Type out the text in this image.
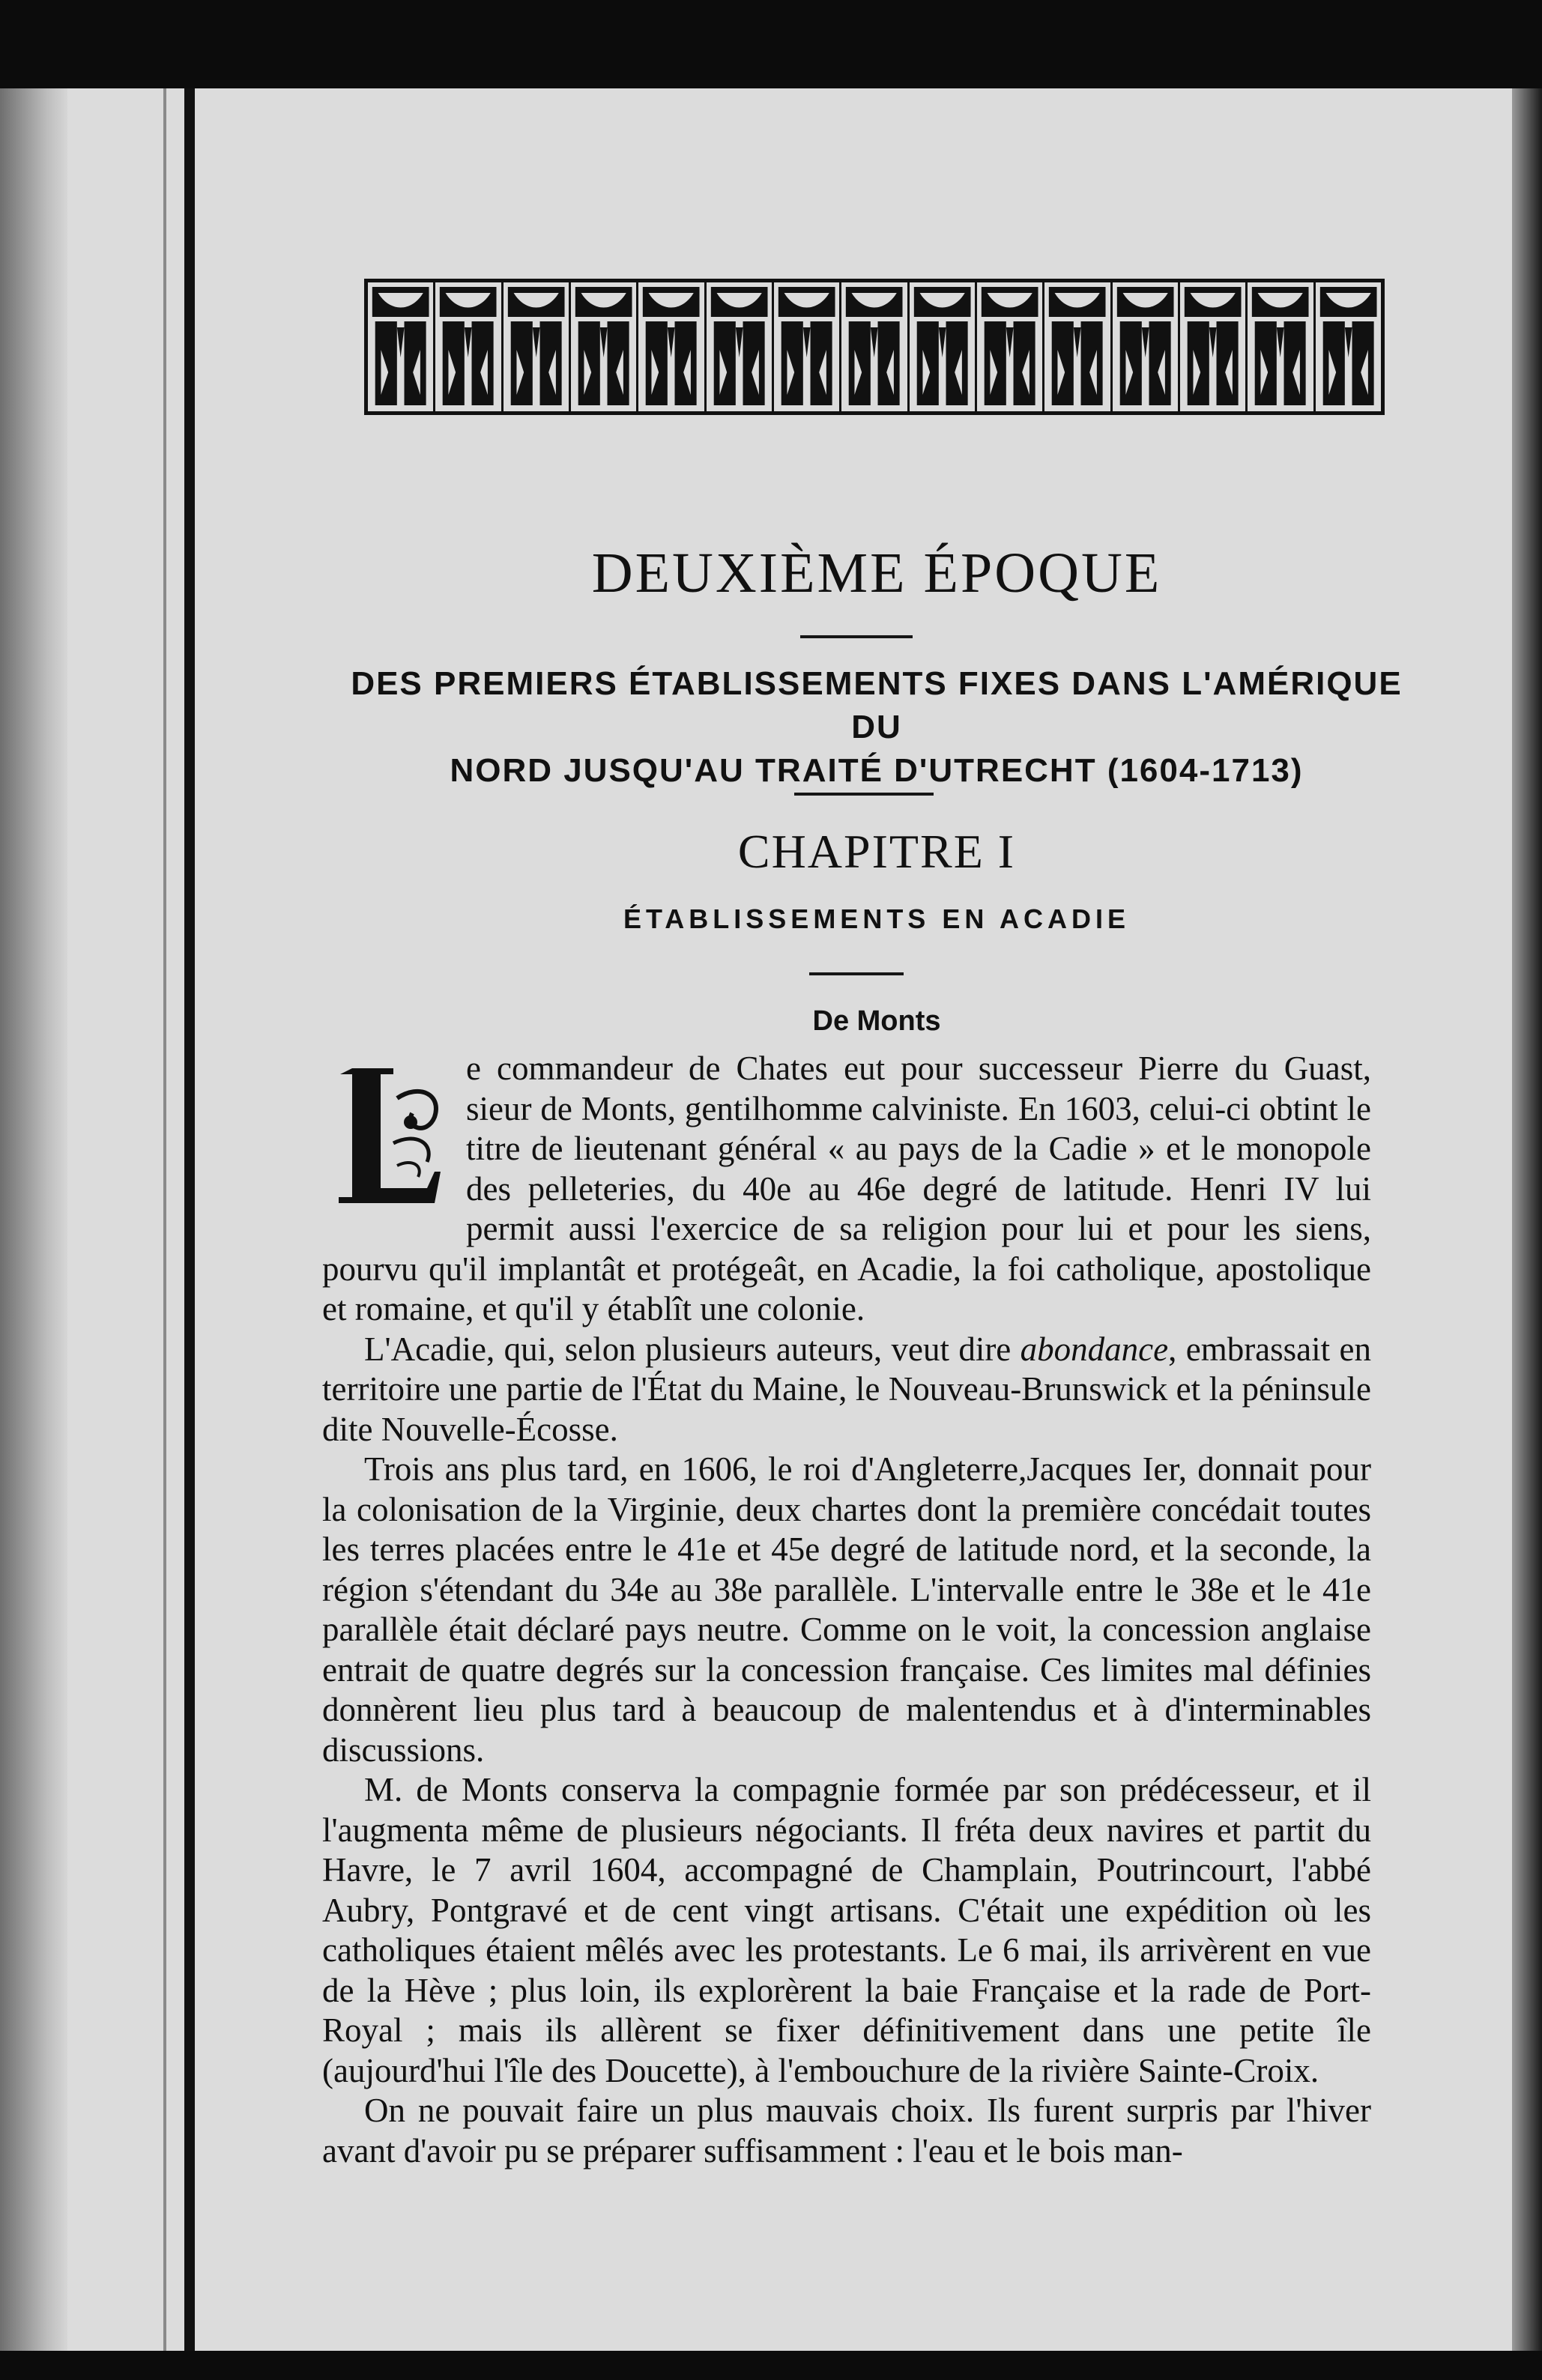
DEUXIÈME ÉPOQUE
DES PREMIERS ÉTABLISSEMENTS FIXES DANS L'AMÉRIQUE DU
NORD JUSQU'AU TRAITÉ D'UTRECHT (1604-1713)
CHAPITRE I
ÉTABLISSEMENTS EN ACADIE
De Monts

L
e commandeur de Chates eut pour successeur Pierre du Guast, sieur de Monts, gentilhomme calviniste. En 1603, celui-ci obtint le titre de lieutenant général « au pays de la Cadie » et le monopole des pelleteries, du 40e au 46e degré de latitude. Henri IV lui permit aussi l'exercice de sa religion pour lui et pour les siens, pourvu qu'il implantât et protégeât, en Acadie, la foi catholique, apostolique et romaine, et qu'il y établît une colonie.

L'Acadie, qui, selon plusieurs auteurs, veut dire abondance, embrassait en territoire une partie de l'État du Maine, le Nouveau-Brunswick et la péninsule dite Nouvelle-Écosse.

Trois ans plus tard, en 1606, le roi d'Angleterre,Jacques Ier, donnait pour la colonisation de la Virginie, deux chartes dont la première concédait toutes les terres placées entre le 41e et 45e degré de latitude nord, et la seconde, la région s'étendant du 34e au 38e parallèle. L'intervalle entre le 38e et le 41e parallèle était déclaré pays neutre. Comme on le voit, la concession anglaise entrait de quatre degrés sur la concession française. Ces limites mal définies donnèrent lieu plus tard à beaucoup de malentendus et à d'interminables discussions.

M. de Monts conserva la compagnie formée par son prédécesseur, et il l'augmenta même de plusieurs négociants. Il fréta deux navires et partit du Havre, le 7 avril 1604, accompagné de Champlain, Poutrincourt, l'abbé Aubry, Pontgravé et de cent vingt artisans. C'était une expédition où les catholiques étaient mêlés avec les protestants. Le 6 mai, ils arrivèrent en vue de la Hève ; plus loin, ils explorèrent la baie Française et la rade de Port-Royal ; mais ils allèrent se fixer définitivement dans une petite île (aujourd'hui l'île des Doucette), à l'embouchure de la rivière Sainte-Croix.

On ne pouvait faire un plus mauvais choix. Ils furent surpris par l'hiver avant d'avoir pu se préparer suffisamment : l'eau et le bois man-
